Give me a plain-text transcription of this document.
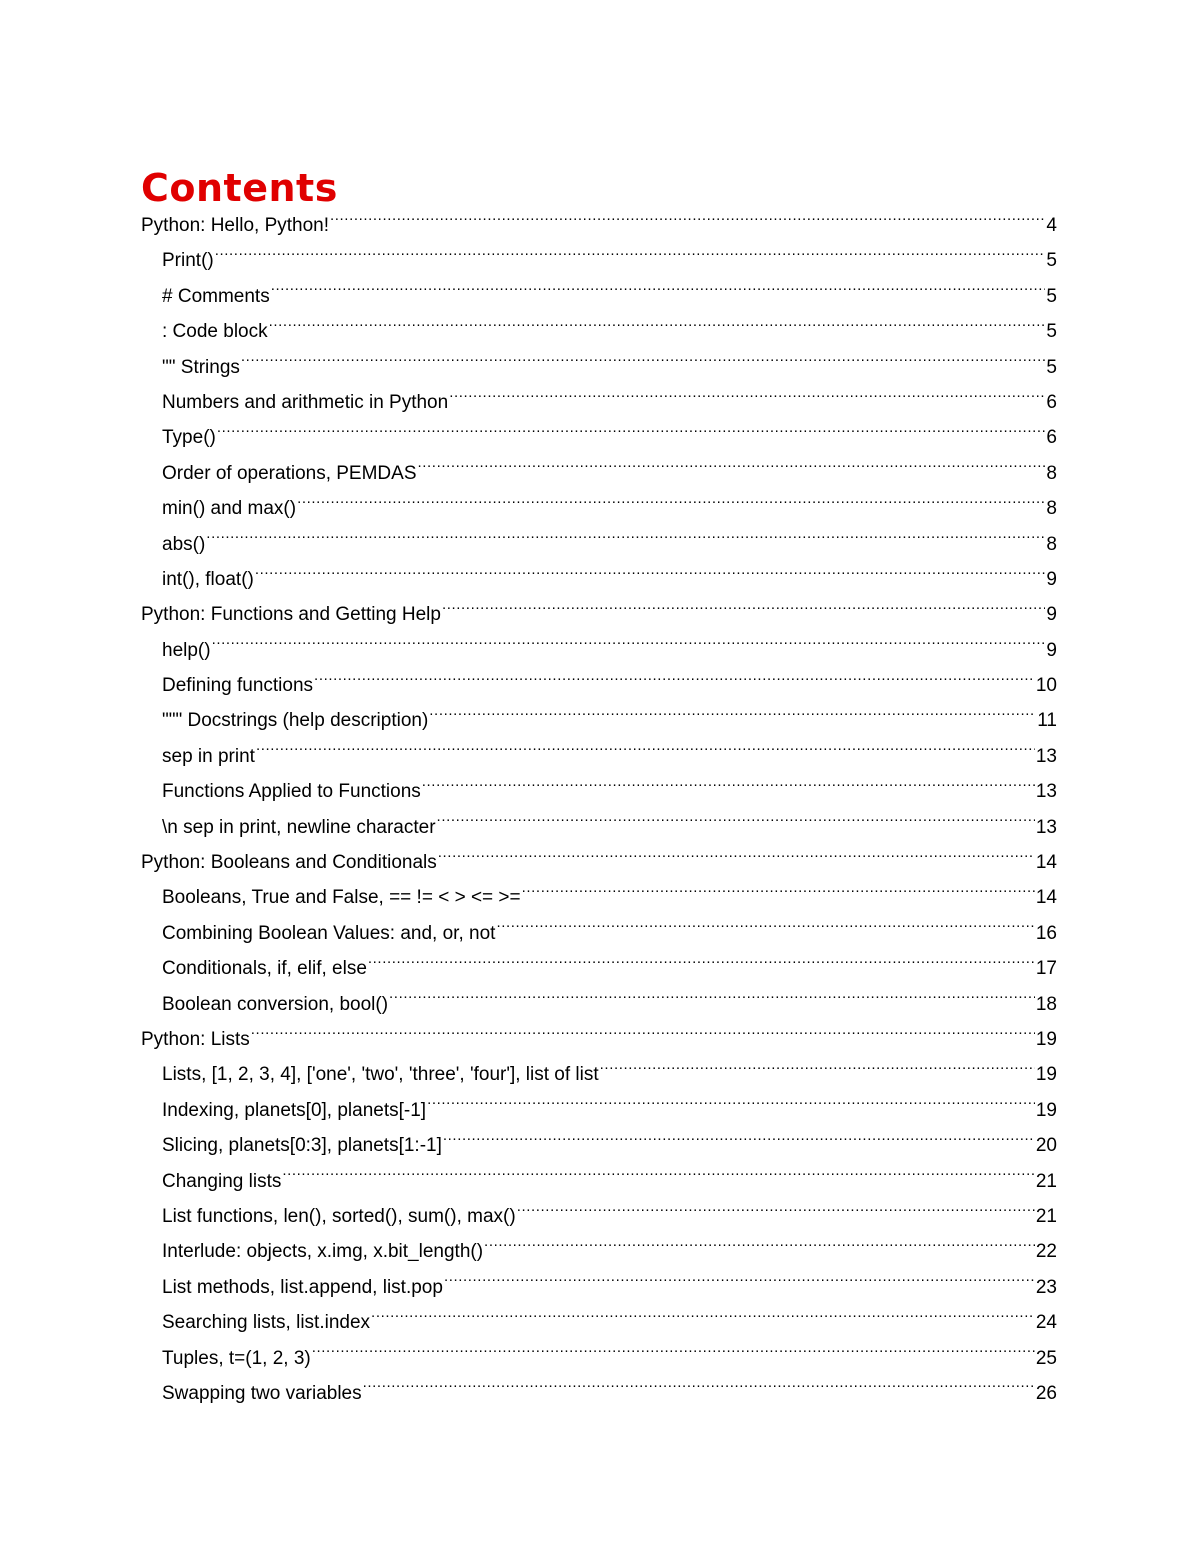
Contents
Python: Hello, Python! .....	4
Print() .....	5
# Comments .....	5
: Code block .....	5
"" Strings .....	5
Numbers and arithmetic in Python .....	6
Type() .....	6
Order of operations, PEMDAS .....	8
min() and max() .....	8
abs() .....	8
int(), float() .....	9
Python: Functions and Getting Help .....	9
help() .....	9
Defining functions .....	10
""" Docstrings (help description) .....	11
sep in print .....	13
Functions Applied to Functions .....	13
\n sep in print, newline character .....	13
Python: Booleans and Conditionals .....	14
Booleans, True and False, == != < > <= >= .....	14
Combining Boolean Values: and, or, not .....	16
Conditionals, if, elif, else .....	17
Boolean conversion, bool() .....	18
Python: Lists .....	19
Lists, [1, 2, 3, 4], ['one', 'two', 'three', 'four'], list of list .....	19
Indexing, planets[0], planets[-1] .....	19
Slicing, planets[0:3], planets[1:-1] .....	20
Changing lists .....	21
List functions, len(), sorted(), sum(), max() .....	21
Interlude: objects, x.img, x.bit_length() .....	22
List methods, list.append, list.pop .....	23
Searching lists, list.index .....	24
Tuples, t=(1, 2, 3) .....	25
Swapping two variables .....	26
